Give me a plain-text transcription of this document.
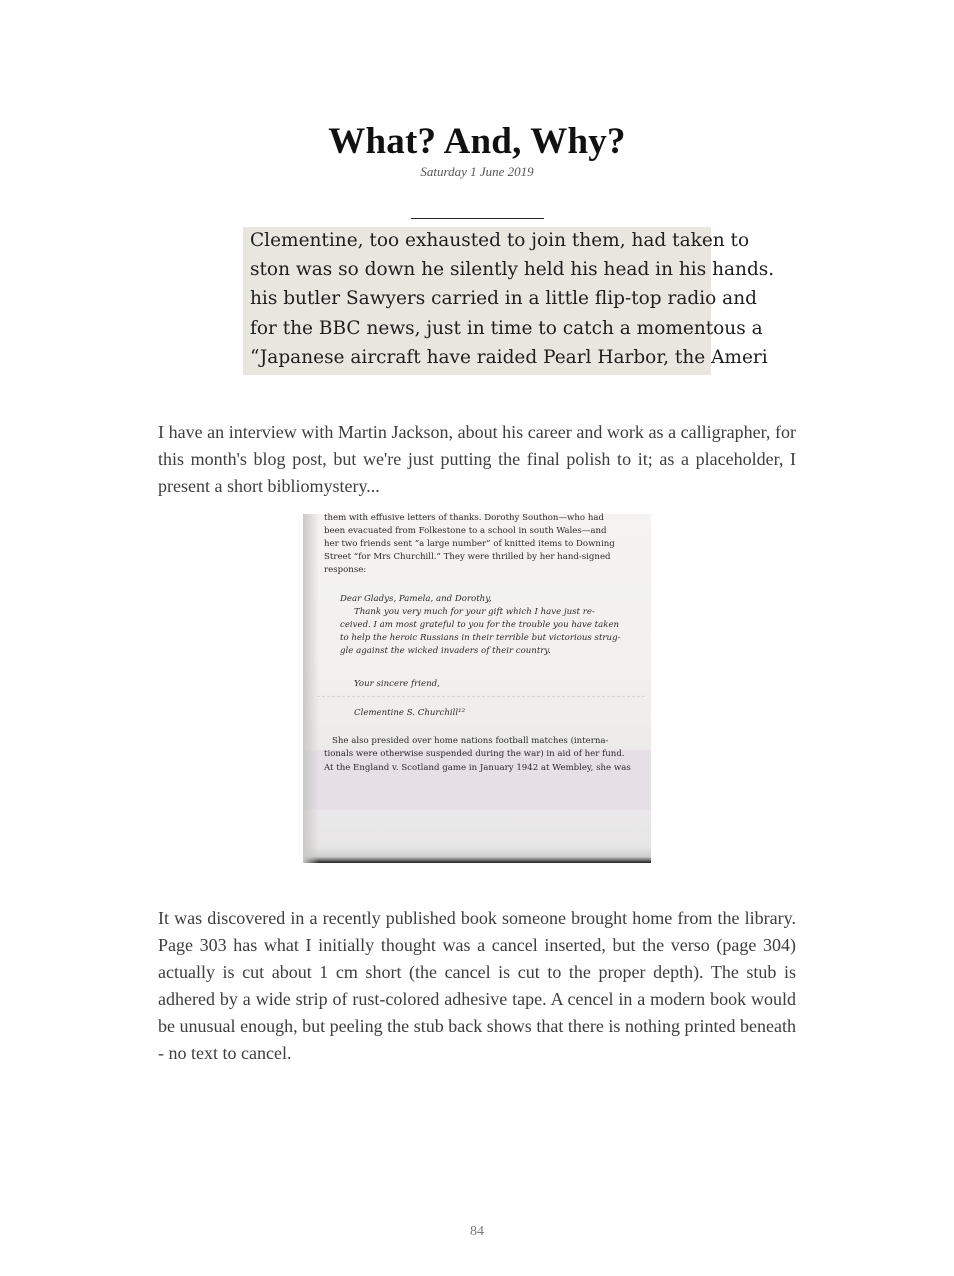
What? And, Why?
Saturday 1 June 2019
Clementine, too exhausted to join them, had taken to
ston was so down he silently held his head in his hands.
his butler Sawyers carried in a little flip-top radio and
for the BBC news, just in time to catch a momentous a
“Japanese aircraft have raided Pearl Harbor, the Ameri
I have an interview with Martin Jackson, about his career and work as a calligrapher, for this month's blog post, but we're just putting the final polish to it; as a placeholder, I present a short bibliomystery...
them with effusive letters of thanks. Dorothy Southon—who had
been evacuated from Folkestone to a school in south Wales—and
her two friends sent “a large number” of knitted items to Downing
Street “for Mrs Churchill.” They were thrilled by her hand-signed
response:
Dear Gladys, Pamela, and Dorothy,
Thank you very much for your gift which I have just re-
ceived. I am most grateful to you for the trouble you have taken
to help the heroic Russians in their terrible but victorious strug-
gle against the wicked invaders of their country.
Your sincere friend,
Clementine S. Churchill¹²
She also presided over home nations football matches (interna-
tionals were otherwise suspended during the war) in aid of her fund.
At the England v. Scotland game in January 1942 at Wembley, she was
It was discovered in a recently published book someone brought home from the library. Page 303 has what I initially thought was a cancel inserted, but the verso (page 304) actually is cut about 1 cm short (the cancel is cut to the proper depth). The stub is adhered by a wide strip of rust-colored adhesive tape. A cencel in a modern book would be unusual enough, but peeling the stub back shows that there is nothing printed beneath - no text to cancel.
84
